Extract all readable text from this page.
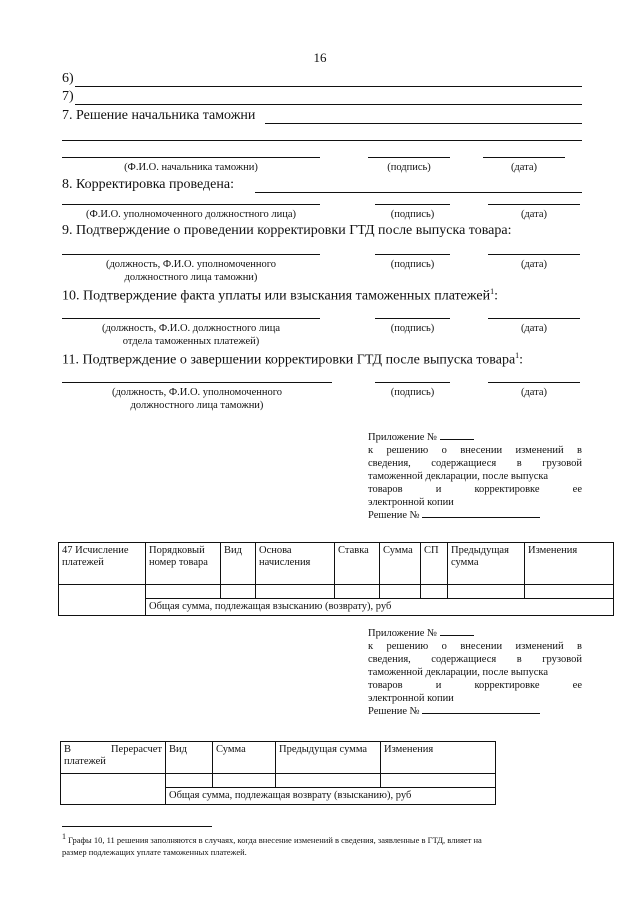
16
6)
7)
7. Решение начальника таможни
(Ф.И.О. начальника таможни)	(подпись)	(дата)
8. Корректировка проведена:
(Ф.И.О. уполномоченного должностного лица)	(подпись)	(дата)
9. Подтверждение о проведении корректировки ГТД после выпуска товара:
(должность, Ф.И.О. уполномоченного
должностного лица таможни)
(подпись)	(дата)
10. Подтверждение факта уплаты или взыскания таможенных платежей$^1$:
(должность, Ф.И.О. должностного лица
отдела таможенных платежей)
(подпись)	(дата)
11. Подтверждение о завершении корректировки ГТД после выпуска товара$^1$:
(должность, Ф.И.О. уполномоченного
должностного лица таможни)
(подпись)	(дата)
Приложение №
к решению о внесении изменений в
сведения, содержащиеся в грузовой
таможенной декларации, после выпуска
товаров	и	корректировке	ее
электронной копии
Решение №
47 Исчисление платежей	Порядковый номер товара	Вид	Основа начисления	Ставка	Сумма	СП	Предыдущая сумма	Изменения

	Общая сумма, подлежащая взысканию (возврату), руб							
Приложение №
к решению о внесении изменений в
сведения, содержащиеся в грузовой
таможенной декларации, после выпуска
товаров	и	корректировке	ее
электронной копии
Решение №
В Перерасчет
платежей	Вид	Сумма	Предыдущая сумма	Изменения

	Общая сумма, подлежащая возврату (взысканию), руб			
$^1$ Графы 10, 11 решения заполняются в случаях, когда внесение изменений в сведения, заявленные в ГТД, влияет на
размер подлежащих уплате таможенных платежей.
